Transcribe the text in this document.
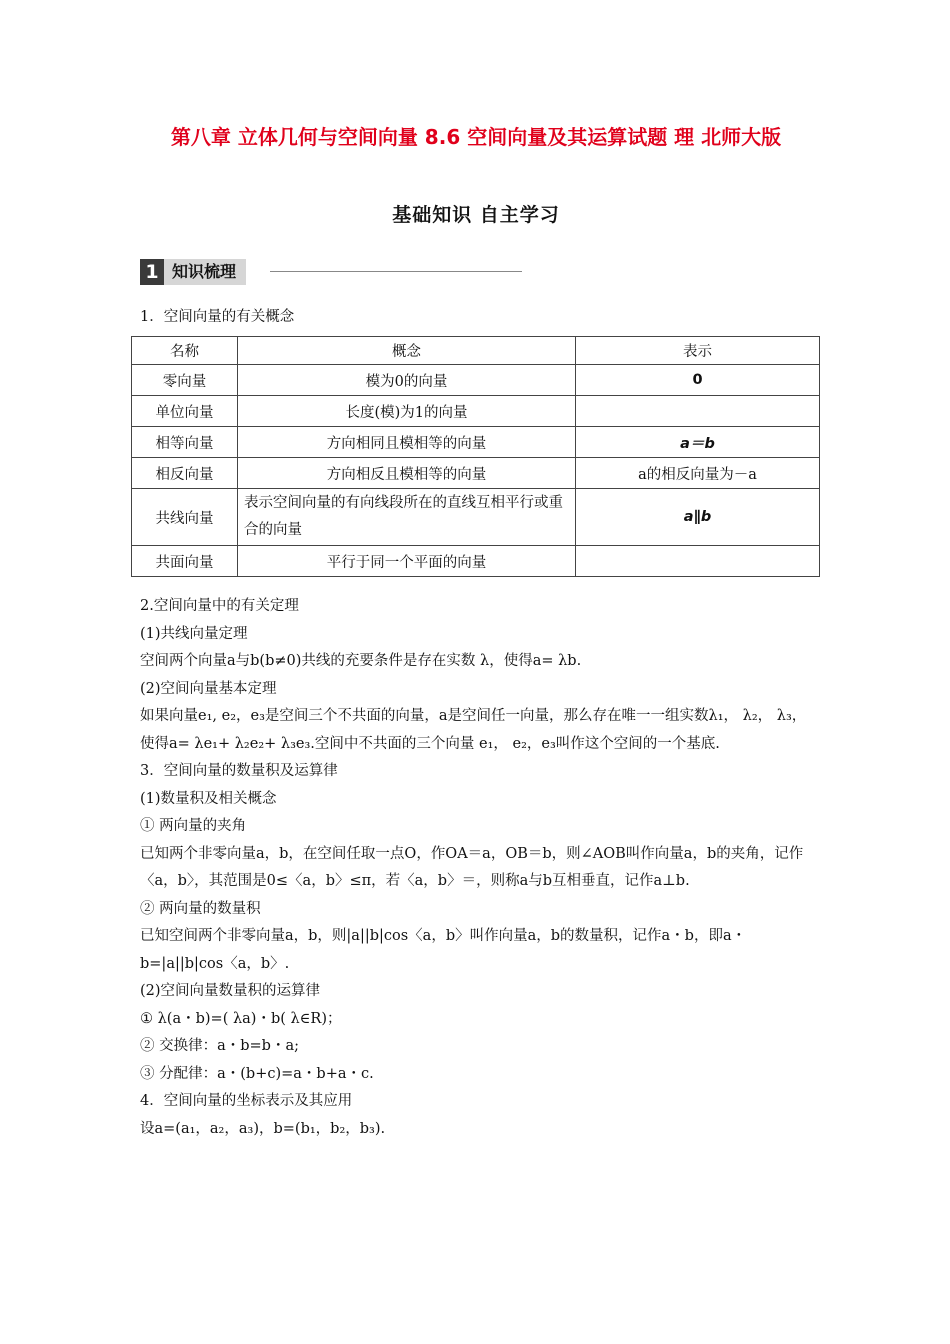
第八章 立体几何与空间向量 8.6 空间向量及其运算试题 理 北师大版
基础知识 自主学习
1 知识梳理

1．空间向量的有关概念

名称	概念	表示
零向量	模为0的向量	0
单位向量	长度(模)为1的向量	
相等向量	方向相同且模相等的向量	a＝b
相反向量	方向相反且模相等的向量	a的相反向量为－a
共线向量	表示空间向量的有向线段所在的直线互相平行或重合的向量	a∥b
共面向量	平行于同一个平面的向量	

2.空间向量中的有关定理

(1)共线向量定理

空间两个向量a与b(b≠0)共线的充要条件是存在实数 λ，使得a= λb.

(2)空间向量基本定理

如果向量e₁, e₂，e₃是空间三个不共面的向量，a是空间任一向量，那么存在唯一一组实数λ₁， λ₂， λ₃，使得a= λe₁+ λ₂e₂+ λ₃e₃.空间中不共面的三个向量 e₁， e₂，e₃叫作这个空间的一个基底.

3．空间向量的数量积及运算律

(1)数量积及相关概念

① 两向量的夹角

已知两个非零向量a，b，在空间任取一点O，作OA＝a，OB＝b，则∠AOB叫作向量a，b的夹角，记作〈a，b〉，其范围是0≤〈a，b〉≤π，若〈a，b〉＝，则称a与b互相垂直，记作a⊥b.

② 两向量的数量积

已知空间两个非零向量a，b，则|a||b|cos〈a，b〉叫作向量a，b的数量积，记作a・b，即a・b=|a||b|cos〈a，b〉.

(2)空间向量数量积的运算律

① λ(a・b)=( λa)・b( λ∈R)；

② 交换律：a・b=b・a;

③ 分配律：a・(b+c)=a・b+a・c.

4．空间向量的坐标表示及其应用

设a=(a₁，a₂，a₃)，b=(b₁，b₂，b₃).
